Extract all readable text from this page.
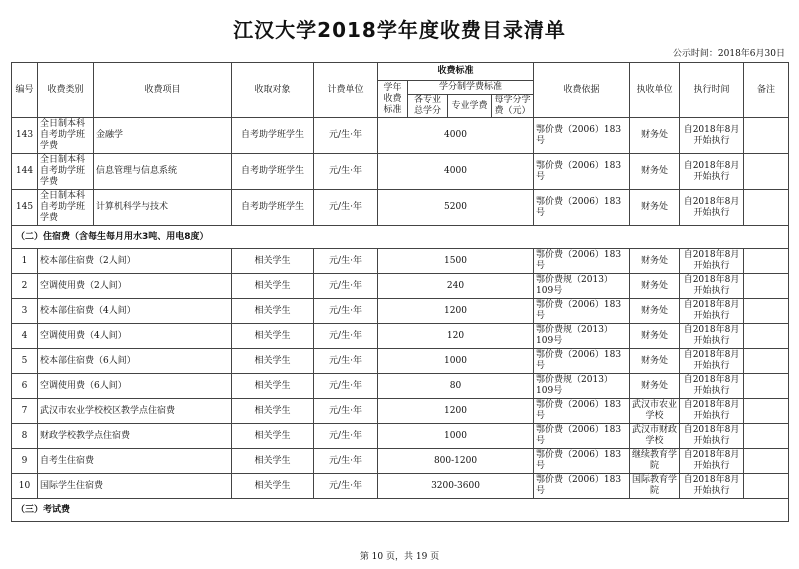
江汉大学2018学年度收费目录清单
公示时间：2018年6月30日
编号	收费类别	收费项目	收取对象	计费单位	收费标准				收费依据	执收单位	执行时间	备注
					学年收费标准	学分制学费标准						
						各专业总学分	专业学费	每学分学费（元）				
143	全日制本科自考助学班学费	金融学	自考助学班学生	元/生·年	4000				鄂价费（2006）183号	财务处	自2018年8月开始执行	
144	全日制本科自考助学班学费	信息管理与信息系统	自考助学班学生	元/生·年	4000				鄂价费（2006）183号	财务处	自2018年8月开始执行	
145	全日制本科自考助学班学费	计算机科学与技术	自考助学班学生	元/生·年	5200				鄂价费（2006）183号	财务处	自2018年8月开始执行	
（二）住宿费（含每生每月用水3吨、用电8度）												
1	校本部住宿费（2人间）		相关学生	元/生·年	1500				鄂价费（2006）183号	财务处	自2018年8月开始执行	
2	空调使用费（2人间）		相关学生	元/生·年	240				鄂价费规（2013）109号	财务处	自2018年8月开始执行	
3	校本部住宿费（4人间）		相关学生	元/生·年	1200				鄂价费（2006）183号	财务处	自2018年8月开始执行	
4	空调使用费（4人间）		相关学生	元/生·年	120				鄂价费规（2013）109号	财务处	自2018年8月开始执行	
5	校本部住宿费（6人间）		相关学生	元/生·年	1000				鄂价费（2006）183号	财务处	自2018年8月开始执行	
6	空调使用费（6人间）		相关学生	元/生·年	80				鄂价费规（2013）109号	财务处	自2018年8月开始执行	
7	武汉市农业学校校区教学点住宿费		相关学生	元/生·年	1200				鄂价费（2006）183号	武汉市农业学校	自2018年8月开始执行	
8	财政学校教学点住宿费		相关学生	元/生·年	1000				鄂价费（2006）183号	武汉市财政学校	自2018年8月开始执行	
9	自考生住宿费		相关学生	元/生·年	800-1200				鄂价费（2006）183号	继续教育学院	自2018年8月开始执行	
10	国际学生住宿费		相关学生	元/生·年	3200-3600				鄂价费（2006）183号	国际教育学院	自2018年8月开始执行	
（三）考试费												
第 10 页，共 19 页
